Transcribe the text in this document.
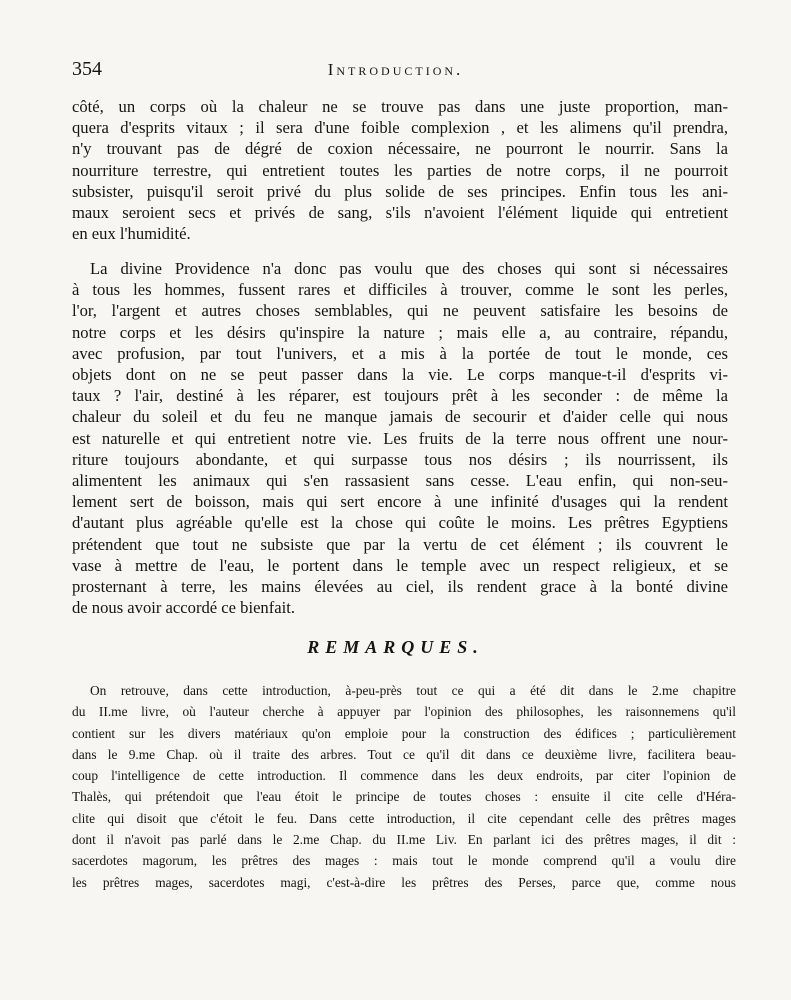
354	Introduction.
côté, un corps où la chaleur ne se trouve pas dans une juste proportion, man-
quera d'esprits vitaux ; il sera d'une foible complexion , et les alimens qu'il prendra,
n'y trouvant pas de dégré de coxion nécessaire, ne pourront le nourrir. Sans la
nourriture terrestre, qui entretient toutes les parties de notre corps, il ne pourroit
subsister, puisqu'il seroit privé du plus solide de ses principes. Enfin tous les ani-
maux seroient secs et privés de sang, s'ils n'avoient l'élément liquide qui entretient
en eux l'humidité.
La divine Providence n'a donc pas voulu que des choses qui sont si nécessaires
à tous les hommes, fussent rares et difficiles à trouver, comme le sont les perles,
l'or, l'argent et autres choses semblables, qui ne peuvent satisfaire les besoins de
notre corps et les désirs qu'inspire la nature ; mais elle a, au contraire, répandu,
avec profusion, par tout l'univers, et a mis à la portée de tout le monde, ces
objets dont on ne se peut passer dans la vie. Le corps manque-t-il d'esprits vi-
taux ? l'air, destiné à les réparer, est toujours prêt à les seconder : de même la
chaleur du soleil et du feu ne manque jamais de secourir et d'aider celle qui nous
est naturelle et qui entretient notre vie. Les fruits de la terre nous offrent une nour-
riture toujours abondante, et qui surpasse tous nos désirs ; ils nourrissent, ils
alimentent les animaux qui s'en rassasient sans cesse. L'eau enfin, qui non-seu-
lement sert de boisson, mais qui sert encore à une infinité d'usages qui la rendent
d'autant plus agréable qu'elle est la chose qui coûte le moins. Les prêtres Egyptiens
prétendent que tout ne subsiste que par la vertu de cet élément ; ils couvrent le
vase à mettre de l'eau, le portent dans le temple avec un respect religieux, et se
prosternant à terre, les mains élevées au ciel, ils rendent grace à la bonté divine
de nous avoir accordé ce bienfait.
REMARQUES.
On retrouve, dans cette introduction, à-peu-près tout ce qui a été dit dans le 2.me chapitre
du II.me livre, où l'auteur cherche à appuyer par l'opinion des philosophes, les raisonnemens qu'il
contient sur les divers matériaux qu'on emploie pour la construction des édifices ; particulièrement
dans le 9.me Chap. où il traite des arbres. Tout ce qu'il dit dans ce deuxième livre, facilitera beau-
coup l'intelligence de cette introduction. Il commence dans les deux endroits, par citer l'opinion de
Thalès, qui prétendoit que l'eau étoit le principe de toutes choses : ensuite il cite celle d'Héra-
clite qui disoit que c'étoit le feu. Dans cette introduction, il cite cependant celle des prêtres mages
dont il n'avoit pas parlé dans le 2.me Chap. du II.me Liv. En parlant ici des prêtres mages, il dit :
sacerdotes magorum, les prêtres des mages : mais tout le monde comprend qu'il a voulu dire
les prêtres mages, sacerdotes magi, c'est-à-dire les prêtres des Perses, parce que, comme nous
